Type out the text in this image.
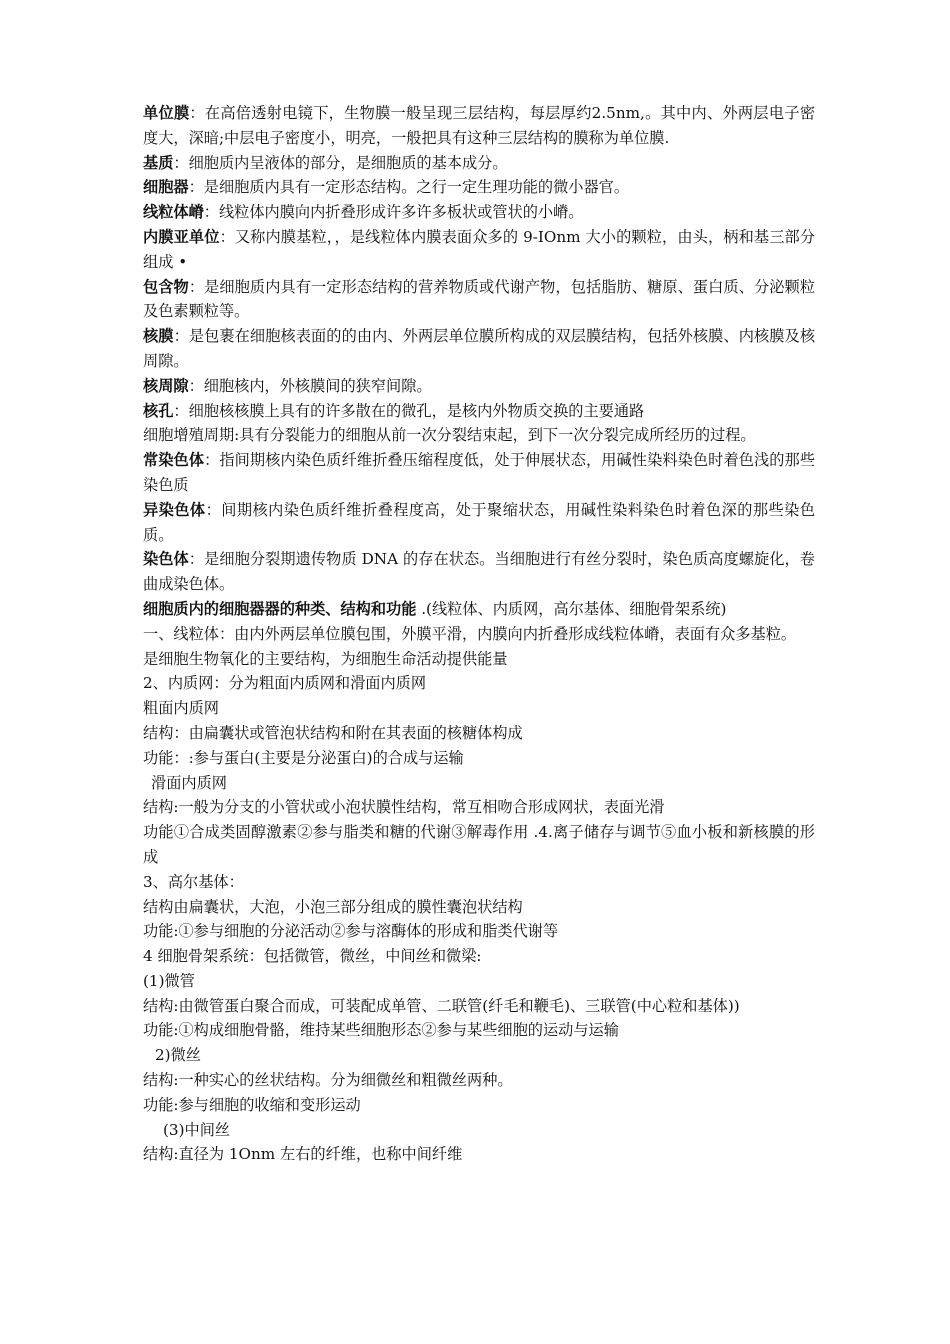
单位膜：在高倍透射电镜下，生物膜一般呈现三层结构，每层厚约2.5nm,。其中内、外两层电子密度大，深暗;中层电子密度小，明亮，一般把具有这种三层结构的膜称为单位膜.

基质：细胞质内呈液体的部分，是细胞质的基本成分。

细胞器：是细胞质内具有一定形态结构。之行一定生理功能的微小器官。

线粒体嵴：线粒体内膜向内折叠形成许多许多板状或管状的小嵴。

内膜亚单位：又称内膜基粒，，是线粒体内膜表面众多的 9-IOnm 大小的颗粒，由头，柄和基三部分组成 •

包含物：是细胞质内具有一定形态结构的营养物质或代谢产物，包括脂肪、糖原、蛋白质、分泌颗粒及色素颗粒等。

核膜：是包裹在细胞核表面的的由内、外两层单位膜所构成的双层膜结构，包括外核膜、内核膜及核周隙。

核周隙：细胞核内，外核膜间的狭窄间隙。

核孔：细胞核核膜上具有的许多散在的微孔，是核内外物质交换的主要通路

细胞增殖周期:具有分裂能力的细胞从前一次分裂结束起，到下一次分裂完成所经历的过程。

常染色体：指间期核内染色质纤维折叠压缩程度低，处于伸展状态，用碱性染料染色时着色浅的那些染色质

异染色体：间期核内染色质纤维折叠程度高，处于聚缩状态，用碱性染料染色时着色深的那些染色质。

染色体：是细胞分裂期遗传物质 DNA 的存在状态。当细胞进行有丝分裂时，染色质高度螺旋化，卷曲成染色体。

细胞质内的细胞器器的种类、结构和功能 .(线粒体、内质网，高尔基体、细胞骨架系统)

一、线粒体：由内外两层单位膜包围，外膜平滑，内膜向内折叠形成线粒体嵴，表面有众多基粒。

是细胞生物氧化的主要结构，为细胞生命活动提供能量

2、内质网：分为粗面内质网和滑面内质网

粗面内质网

结构：由扁囊状或管泡状结构和附在其表面的核糖体构成

功能：:参与蛋白(主要是分泌蛋白)的合成与运输

滑面内质网

结构:一般为分支的小管状或小泡状膜性结构，常互相吻合形成网状，表面光滑

功能①合成类固醇激素②参与脂类和糖的代谢③解毒作用 .4.离子储存与调节⑤血小板和新核膜的形成

3、高尔基体：

结构由扁囊状，大泡，小泡三部分组成的膜性囊泡状结构

功能:①参与细胞的分泌活动②参与溶酶体的形成和脂类代谢等

4 细胞骨架系统：包括微管，微丝，中间丝和微梁:

(1)微管

结构:由微管蛋白聚合而成，可装配成单管、二联管(纤毛和鞭毛)、三联管(中心粒和基体))

功能:①构成细胞骨骼，维持某些细胞形态②参与某些细胞的运动与运输

2)微丝

结构:一种实心的丝状结构。分为细微丝和粗微丝两种。

功能:参与细胞的收缩和变形运动

(3)中间丝

结构:直径为 1Onm 左右的纤维，也称中间纤维
